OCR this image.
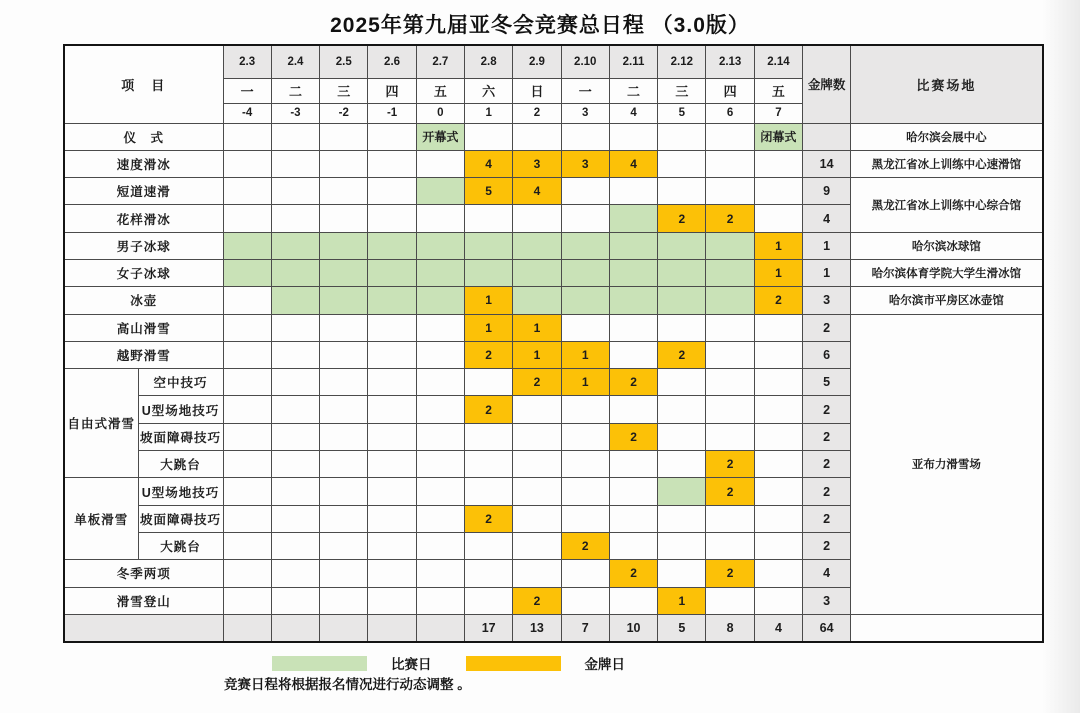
2025年第九届亚冬会竞赛总日程 （3.0版）
项　目		2.3	2.4	2.5	2.6	2.7	2.8	2.9	2.10	2.11	2.12	2.13	2.14	金牌数	比赛场地
		一	二	三	四	五	六	日	一	二	三	四	五		
		-4	-3	-2	-1	0	1	2	3	4	5	6	7		
仪　式						开幕式							闭幕式		哈尔滨会展中心
速度滑冰							4	3	3	4				14	黑龙江省冰上训练中心速滑馆
短道速滑							5	4						9	黑龙江省冰上训练中心综合馆
花样滑冰											2	2		4	
男子冰球													1	1	哈尔滨冰球馆
女子冰球													1	1	哈尔滨体育学院大学生滑冰馆
冰壶							1						2	3	哈尔滨市平房区冰壶馆
高山滑雪							1	1						2	亚布力滑雪场
越野滑雪							2	1	1		2			6	
自由式滑雪	空中技巧							2	1	2				5	
	U型场地技巧						2							2	
	坡面障碍技巧									2				2	
	大跳台											2		2	
单板滑雪	U型场地技巧											2		2	
	坡面障碍技巧						2							2	
	大跳台								2					2	
冬季两项										2		2		4	
滑雪登山								2			1			3	
							17	13	7	10	5	8	4	64	
比赛日	金牌日
竞赛日程将根据报名情况进行动态调整 。
